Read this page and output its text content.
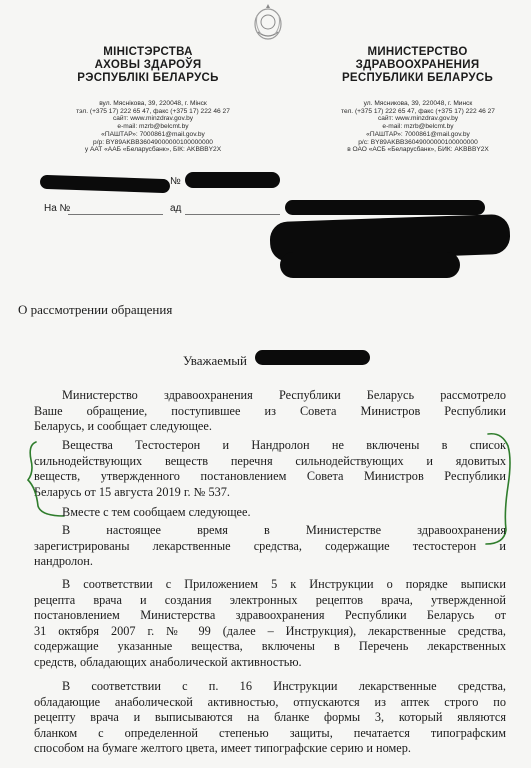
МІНІСТЭРСТВА
АХОВЫ ЗДАРОЎЯ
РЭСПУБЛІКІ БЕЛАРУСЬ
МИНИСТЕРСТВО
ЗДРАВООХРАНЕНИЯ
РЕСПУБЛИКИ БЕЛАРУСЬ
вул. Мяснікова, 39, 220048, г. Мінск
тэл. (+375 17) 222 65 47, факс (+375 17) 222 46 27
сайт: www.minzdrav.gov.by
e-mail: mzrb@belcmt.by
«ПАШТАР»: 7000861@mail.gov.by
р/р: BY89AKBB36049000000100000000
у ААТ «ААБ «Беларусбанк», БІК: AKBBBY2X
ул. Мясникова, 39, 220048, г. Минск
тел. (+375 17) 222 65 47, факс (+375 17) 222 46 27
сайт: www.minzdrav.gov.by
e-mail: mzrb@belcmt.by
«ПАШТАР»: 7000861@mail.gov.by
р/с: BY89AKBB36049000000100000000
в ОАО «АСБ «Беларусбанк», БИК: AKBBBY2X
№
На №	ад
О рассмотрении обращения
Уважаемый
Министерство здравоохранения Республики Беларусь рассмотрело
Ваше обращение, поступившее из Совета Министров Республики
Беларусь, и сообщает следующее.
Вещества Тестостерон и Нандролон не включены в список
сильнодействующих веществ перечня сильнодействующих и ядовитых
веществ, утвержденного постановлением Совета Министров Республики
Беларусь от 15 августа 2019 г. № 537.
Вместе с тем сообщаем следующее.
В настоящее время в Министерстве здравоохранения
зарегистрированы лекарственные средства, содержащие тестостерон и
нандролон.
В соответствии с Приложением 5 к Инструкции о порядке выписки
рецепта врача и создания электронных рецептов врача, утвержденной
постановлением Министерства здравоохранения Республики Беларусь от
31 октября 2007 г. № 99 (далее – Инструкция), лекарственные средства,
содержащие указанные вещества, включены в Перечень лекарственных
средств, обладающих анаболической активностью.
В соответствии с п. 16 Инструкции лекарственные средства,
обладающие анаболической активностью, отпускаются из аптек строго по
рецепту врача и выписываются на бланке формы 3, который являются
бланком с определенной степенью защиты, печатается типографским
способом на бумаге желтого цвета, имеет типографские серию и номер.
